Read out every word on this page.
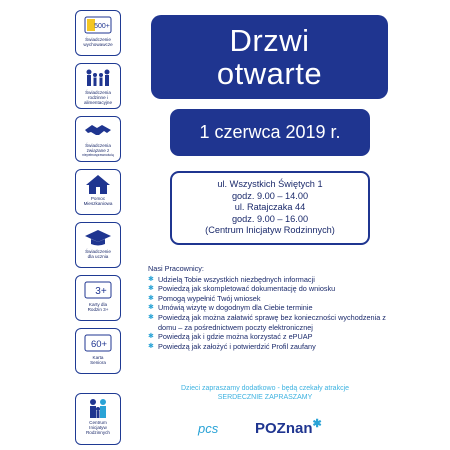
500+
Świadczenie
wychowawcze
Świadczenia
rodzinne i
alimentacyjne
Świadczenia
związane z
niepełnosprawnością
Pomoc
Mieszkaniowa
Świadczenie
dla ucznia
3+
Karty dla
Rodzin 3+
60+
Karta
Seniora
Centrum
Inicjatyw
Rodzinnych
Drzwi
otwarte
1 czerwca 2019 r.
ul. Wszystkich Świętych 1
godz. 9.00 – 14.00
ul. Ratajczaka 44
godz. 9.00 – 16.00
(Centrum Inicjatyw Rodzinnych)
Nasi Pracownicy:
✱ Udzielą Tobie wszystkich niezbędnych informacji
✱ Powiedzą jak skompletować dokumentację do wniosku
✱ Pomogą wypełnić Twój wniosek
✱ Umówią wizytę w dogodnym dla Ciebie terminie
✱ Powiedzą jak można załatwić sprawę bez konieczności wychodzenia z domu – za pośrednictwem poczty elektronicznej
✱ Powiedzą jak i gdzie można korzystać z ePUAP
✱ Powiedzą jak założyć i potwierdzić Profil zaufany
Dzieci zapraszamy dodatkowo - będą czekały atrakcje
SERDECZNIE ZAPRASZAMY
pcs POZnan✱
